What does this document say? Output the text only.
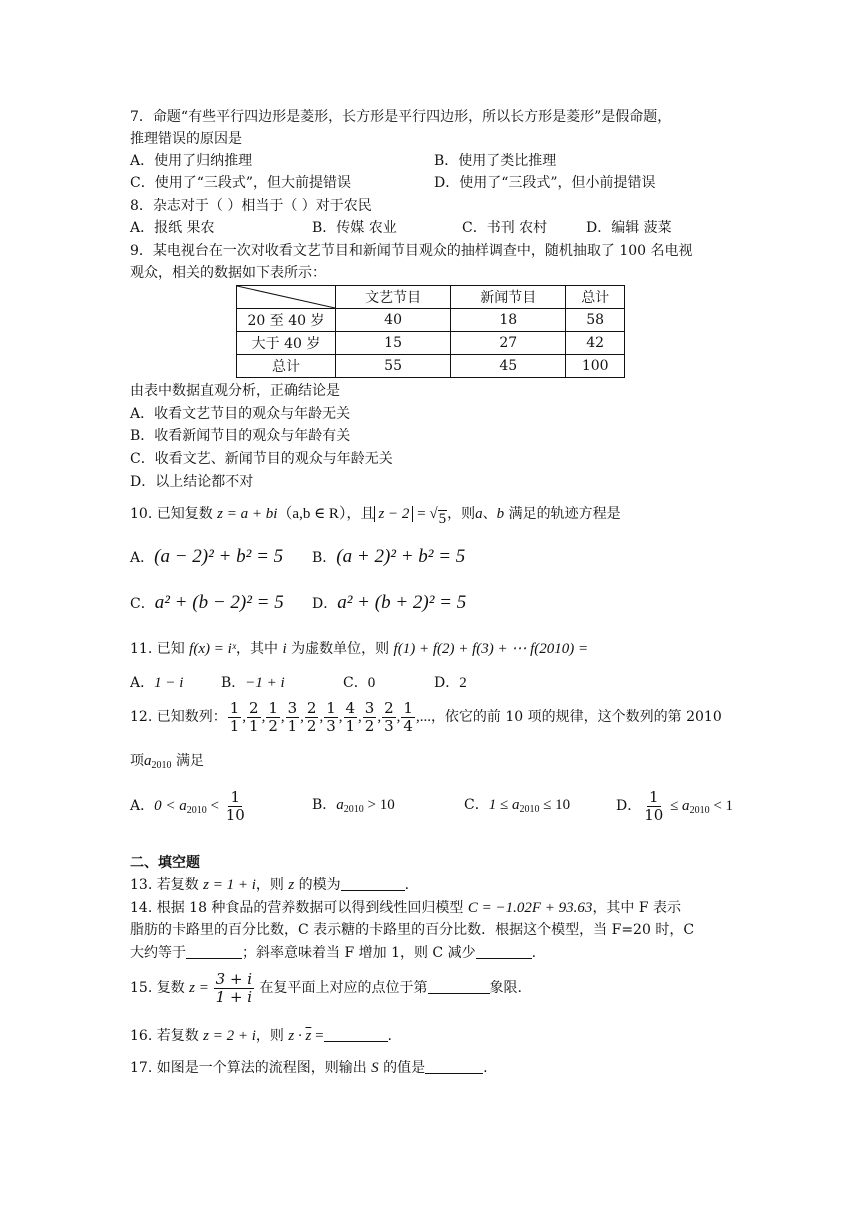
7．命题“有些平行四边形是菱形，长方形是平行四边形，所以长方形是菱形”是假命题，
推理错误的原因是
A．使用了归纳推理	B．使用了类比推理
C．使用了“三段式”，但大前提错误	D．使用了“三段式”，但小前提错误
8．杂志对于（ ）相当于（ ）对于农民
A．报纸 果农	B．传媒 农业	C．书刊 农村	D．编辑 菠菜
9．某电视台在一次对收看文艺节目和新闻节目观众的抽样调查中，随机抽取了 100 名电视
观众，相关的数据如下表所示：
	文艺节目	新闻节目	总计
20 至 40 岁	40	18	58
大于 40 岁	15	27	42
总计	55	45	100
由表中数据直观分析，正确结论是
A．收看文艺节目的观众与年龄无关
B．收看新闻节目的观众与年龄有关
C．收看文艺、新闻节目的观众与年龄无关
D．以上结论都不对
10. 已知复数 z = a + bi（a,b ∈ R），且 z − 2 = √ 5 ，则a、b 满足的轨迹方程是
A．(a − 2)² + b² = 5 B．(a + 2)² + b² = 5
C．a² + (b − 2)² = 5 D．a² + (b + 2)² = 5
11. 已知 f(x) = iˣ，其中 i 为虚数单位，则 f(1) + f(2) + f(3) + ⋯ f(2010) =
A．1 − i	B．−1 + i	C．0	D．2
12. 已知数列： $\frac{1}{1}$ , $\frac{2}{1}$ , $\frac{1}{2}$ , $\frac{3}{1}$ , $\frac{2}{2}$ , $\frac{1}{3}$ , $\frac{4}{1}$ , $\frac{3}{2}$ , $\frac{2}{3}$ , $\frac{1}{4}$ ,...，依它的前 10 项的规律，这个数列的第 2010
项$a_{2010}$ 满足
A．$0 < a_{2010} < \frac{1}{10}$	B．$a_{2010} > 10$	C．$1 \le a_{2010} \le 10$	D． $\frac{1}{10} \le a_{2010} < 1$
二、填空题
13. 若复数 z = 1 + i，则 z 的模为	.
14. 根据 18 种食品的营养数据可以得到线性回归模型 C = −1.02F + 93.63，其中 F 表示
脂肪的卡路里的百分比数，C 表示糖的卡路里的百分比数．根据这个模型，当 F=20 时，C
大约等于	；斜率意味着当 F 增加 1，则 C 减少	.
15. 复数 $z = \frac{3 + i}{1 + i}$ 在复平面上对应的点位于第	象限.
16. 若复数 z = 2 + i，则 $z \cdot \overline{z}$ =	.
17. 如图是一个算法的流程图，则输出 S 的值是	.
